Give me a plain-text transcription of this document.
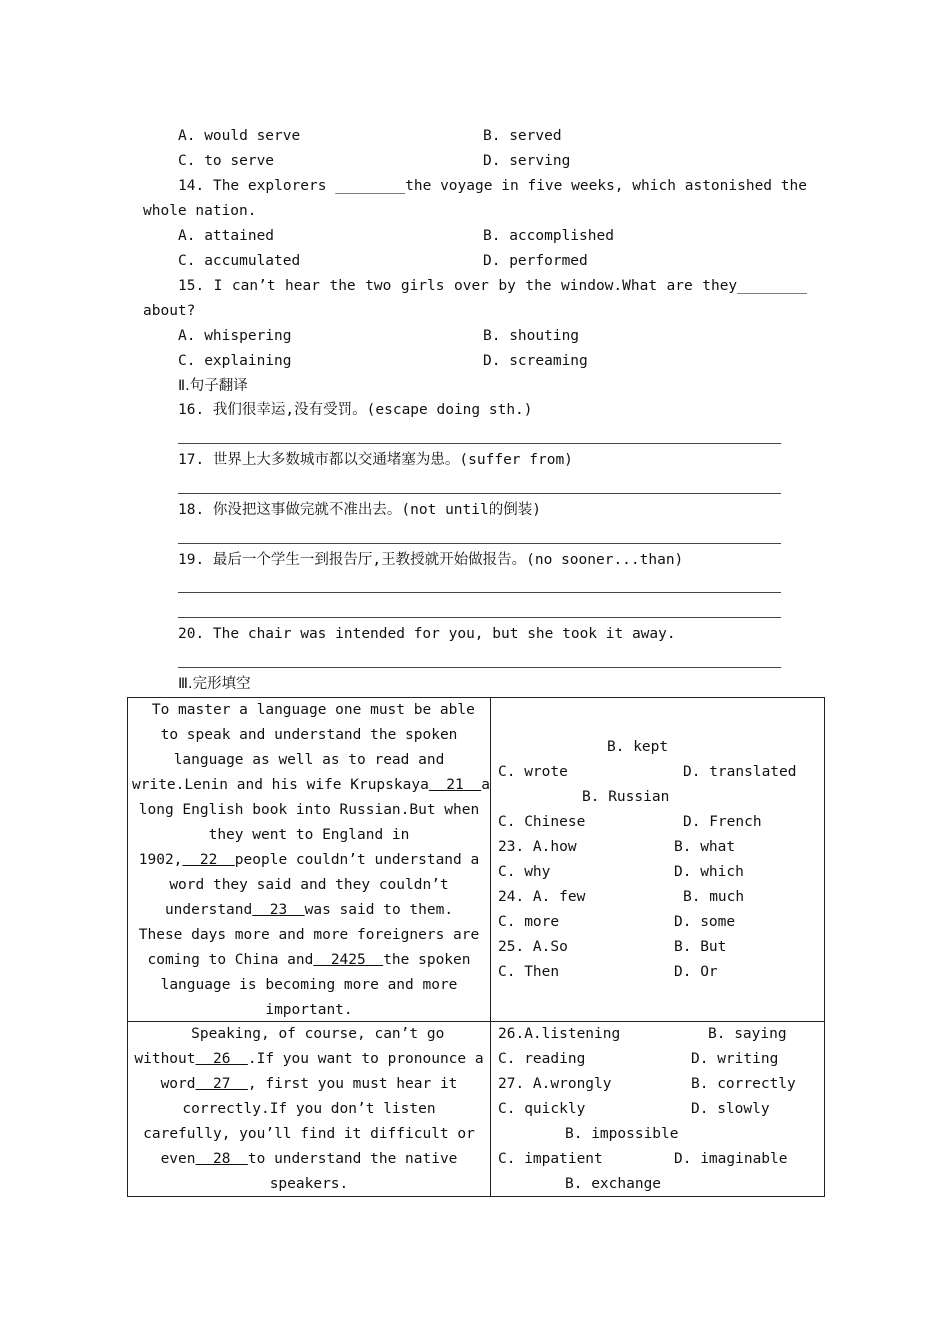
A. would serve	B. served
C. to serve	D. serving
14. The explorers ________the voyage in five weeks, which astonished the
whole nation.
A. attained	B. accomplished
C. accumulated	D. performed
15. I can’t hear the two girls over by the window.What are they________
about?
A. whispering	B. shouting
C. explaining	D. screaming
Ⅱ.句子翻译
16. 我们很幸运,没有受罚。(escape doing sth.)
17. 世界上大多数城市都以交通堵塞为患。(suffer from)
18. 你没把这事做完就不准出去。(not until的倒装)
19. 最后一个学生一到报告厅,王教授就开始做报告。(no sooner...than)
20. The chair was intended for you, but she took it away.
Ⅲ.完形填空
To master a language one must be able
to speak and understand the spoken
language as well as to read and
write.Lenin and his wife Krupskaya  21  a
long English book into Russian.But when
they went to England in
1902,  22  people couldn’t understand a
word they said and they couldn’t
understand  23  was said to them.
These days more and more foreigners are
coming to China and  2425  the spoken
language is becoming more and more
important.
B. kept
C. wrote	D. translated
B. Russian
C. Chinese	D. French
23. A.how	B. what
C. why	D. which
24. A. few	B. much
C. more	D. some
25. A.So	B. But
C. Then	D. Or
Speaking, of course, can’t go
without  26  .If you want to pronounce a
word  27  , first you must hear it
correctly.If you don’t listen
carefully, you’ll find it difficult or
even  28  to understand the native
speakers.
26.A.listening	B. saying
C. reading	D. writing
27. A.wrongly	B. correctly
C. quickly	D. slowly
B. impossible
C. impatient	D. imaginable
B. exchange
